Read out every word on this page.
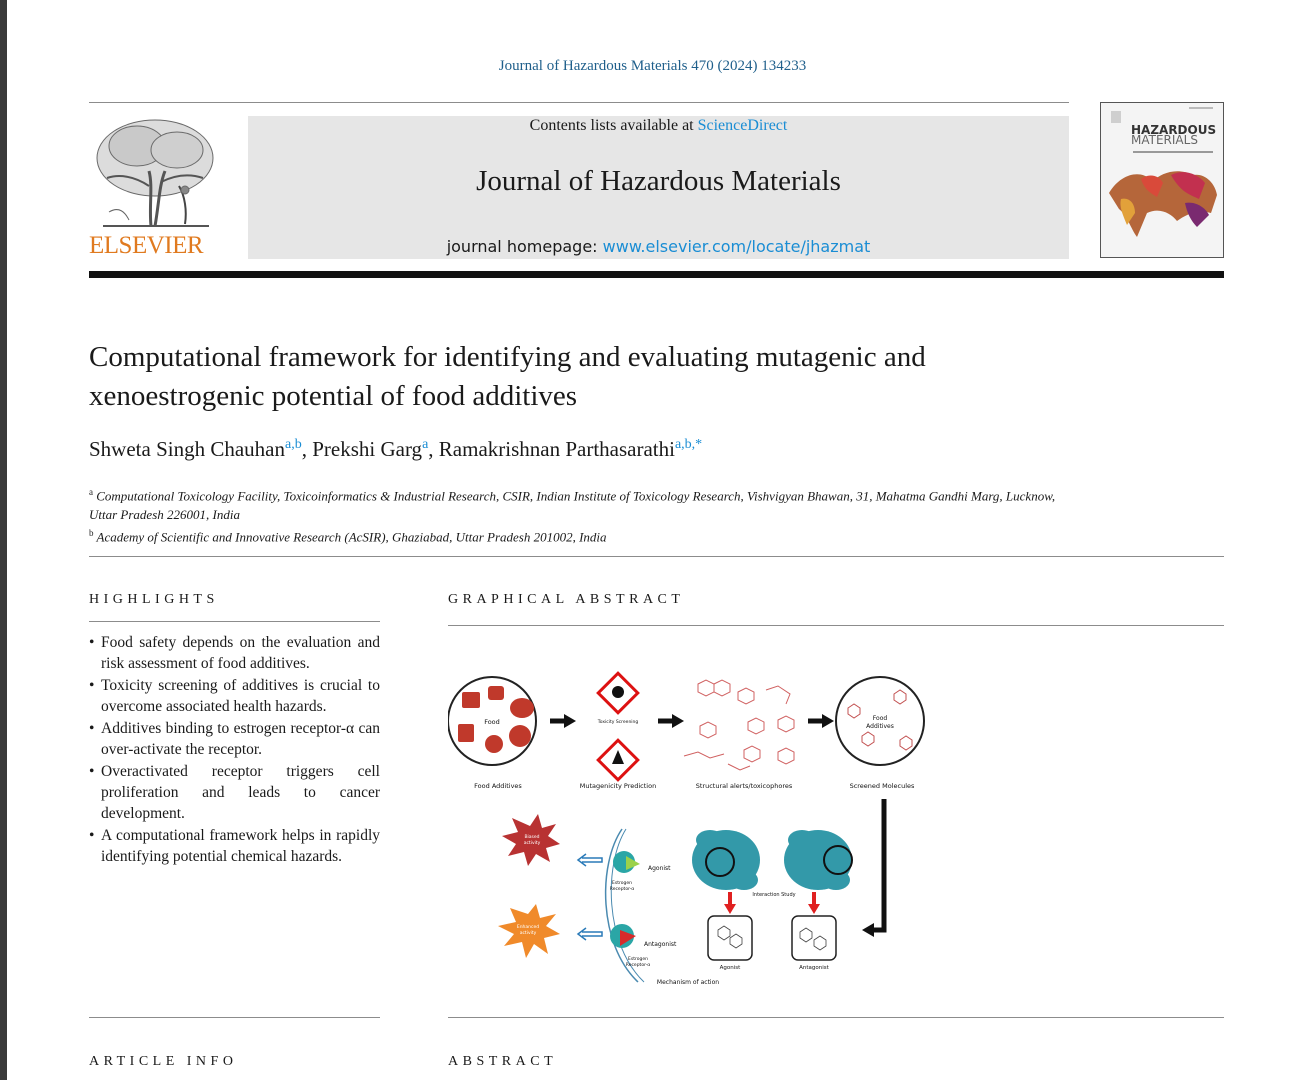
Journal of Hazardous Materials 470 (2024) 134233
ELSEVIER
Contents lists available at ScienceDirect
Journal of Hazardous Materials
journal homepage: www.elsevier.com/locate/jhazmat
HAZARDOUS
MATERIALS
Computational framework for identifying and evaluating mutagenic and xenoestrogenic potential of food additives
Shweta Singh Chauhan$^{a,b}$, Prekshi Garg$^a$, Ramakrishnan Parthasarathi$^{a,b,*}$
$^a$ Computational Toxicology Facility, Toxicoinformatics & Industrial Research, CSIR, Indian Institute of Toxicology Research, Vishvigyan Bhawan, 31, Mahatma Gandhi Marg, Lucknow, Uttar Pradesh 226001, India
$^b$ Academy of Scientific and Innovative Research (AcSIR), Ghaziabad, Uttar Pradesh 201002, India
HIGHLIGHTS	GRAPHICAL ABSTRACT
• Food safety depends on the evaluation and risk assessment of food additives.
• Toxicity screening of additives is crucial to overcome associated health hazards.
• Additives binding to estrogen receptor-α can over-activate the receptor.
• Overactivated receptor triggers cell proliferation and leads to cancer development.
• A computational framework helps in rapidly identifying potential chemical hazards.
Food
Food Additives
Toxicity Screening
Mutagenicity Prediction	Structural alerts/toxicophores
Food
Additives
Screened Molecules
Biased
activity
Enhanced
activity
Agonist
Estrogen
Receptor-α
Antagonist
Estrogen
Receptor-α
Interaction Study
Agonist	Antagonist
Mechanism of action
ARTICLE INFO	ABSTRACT
